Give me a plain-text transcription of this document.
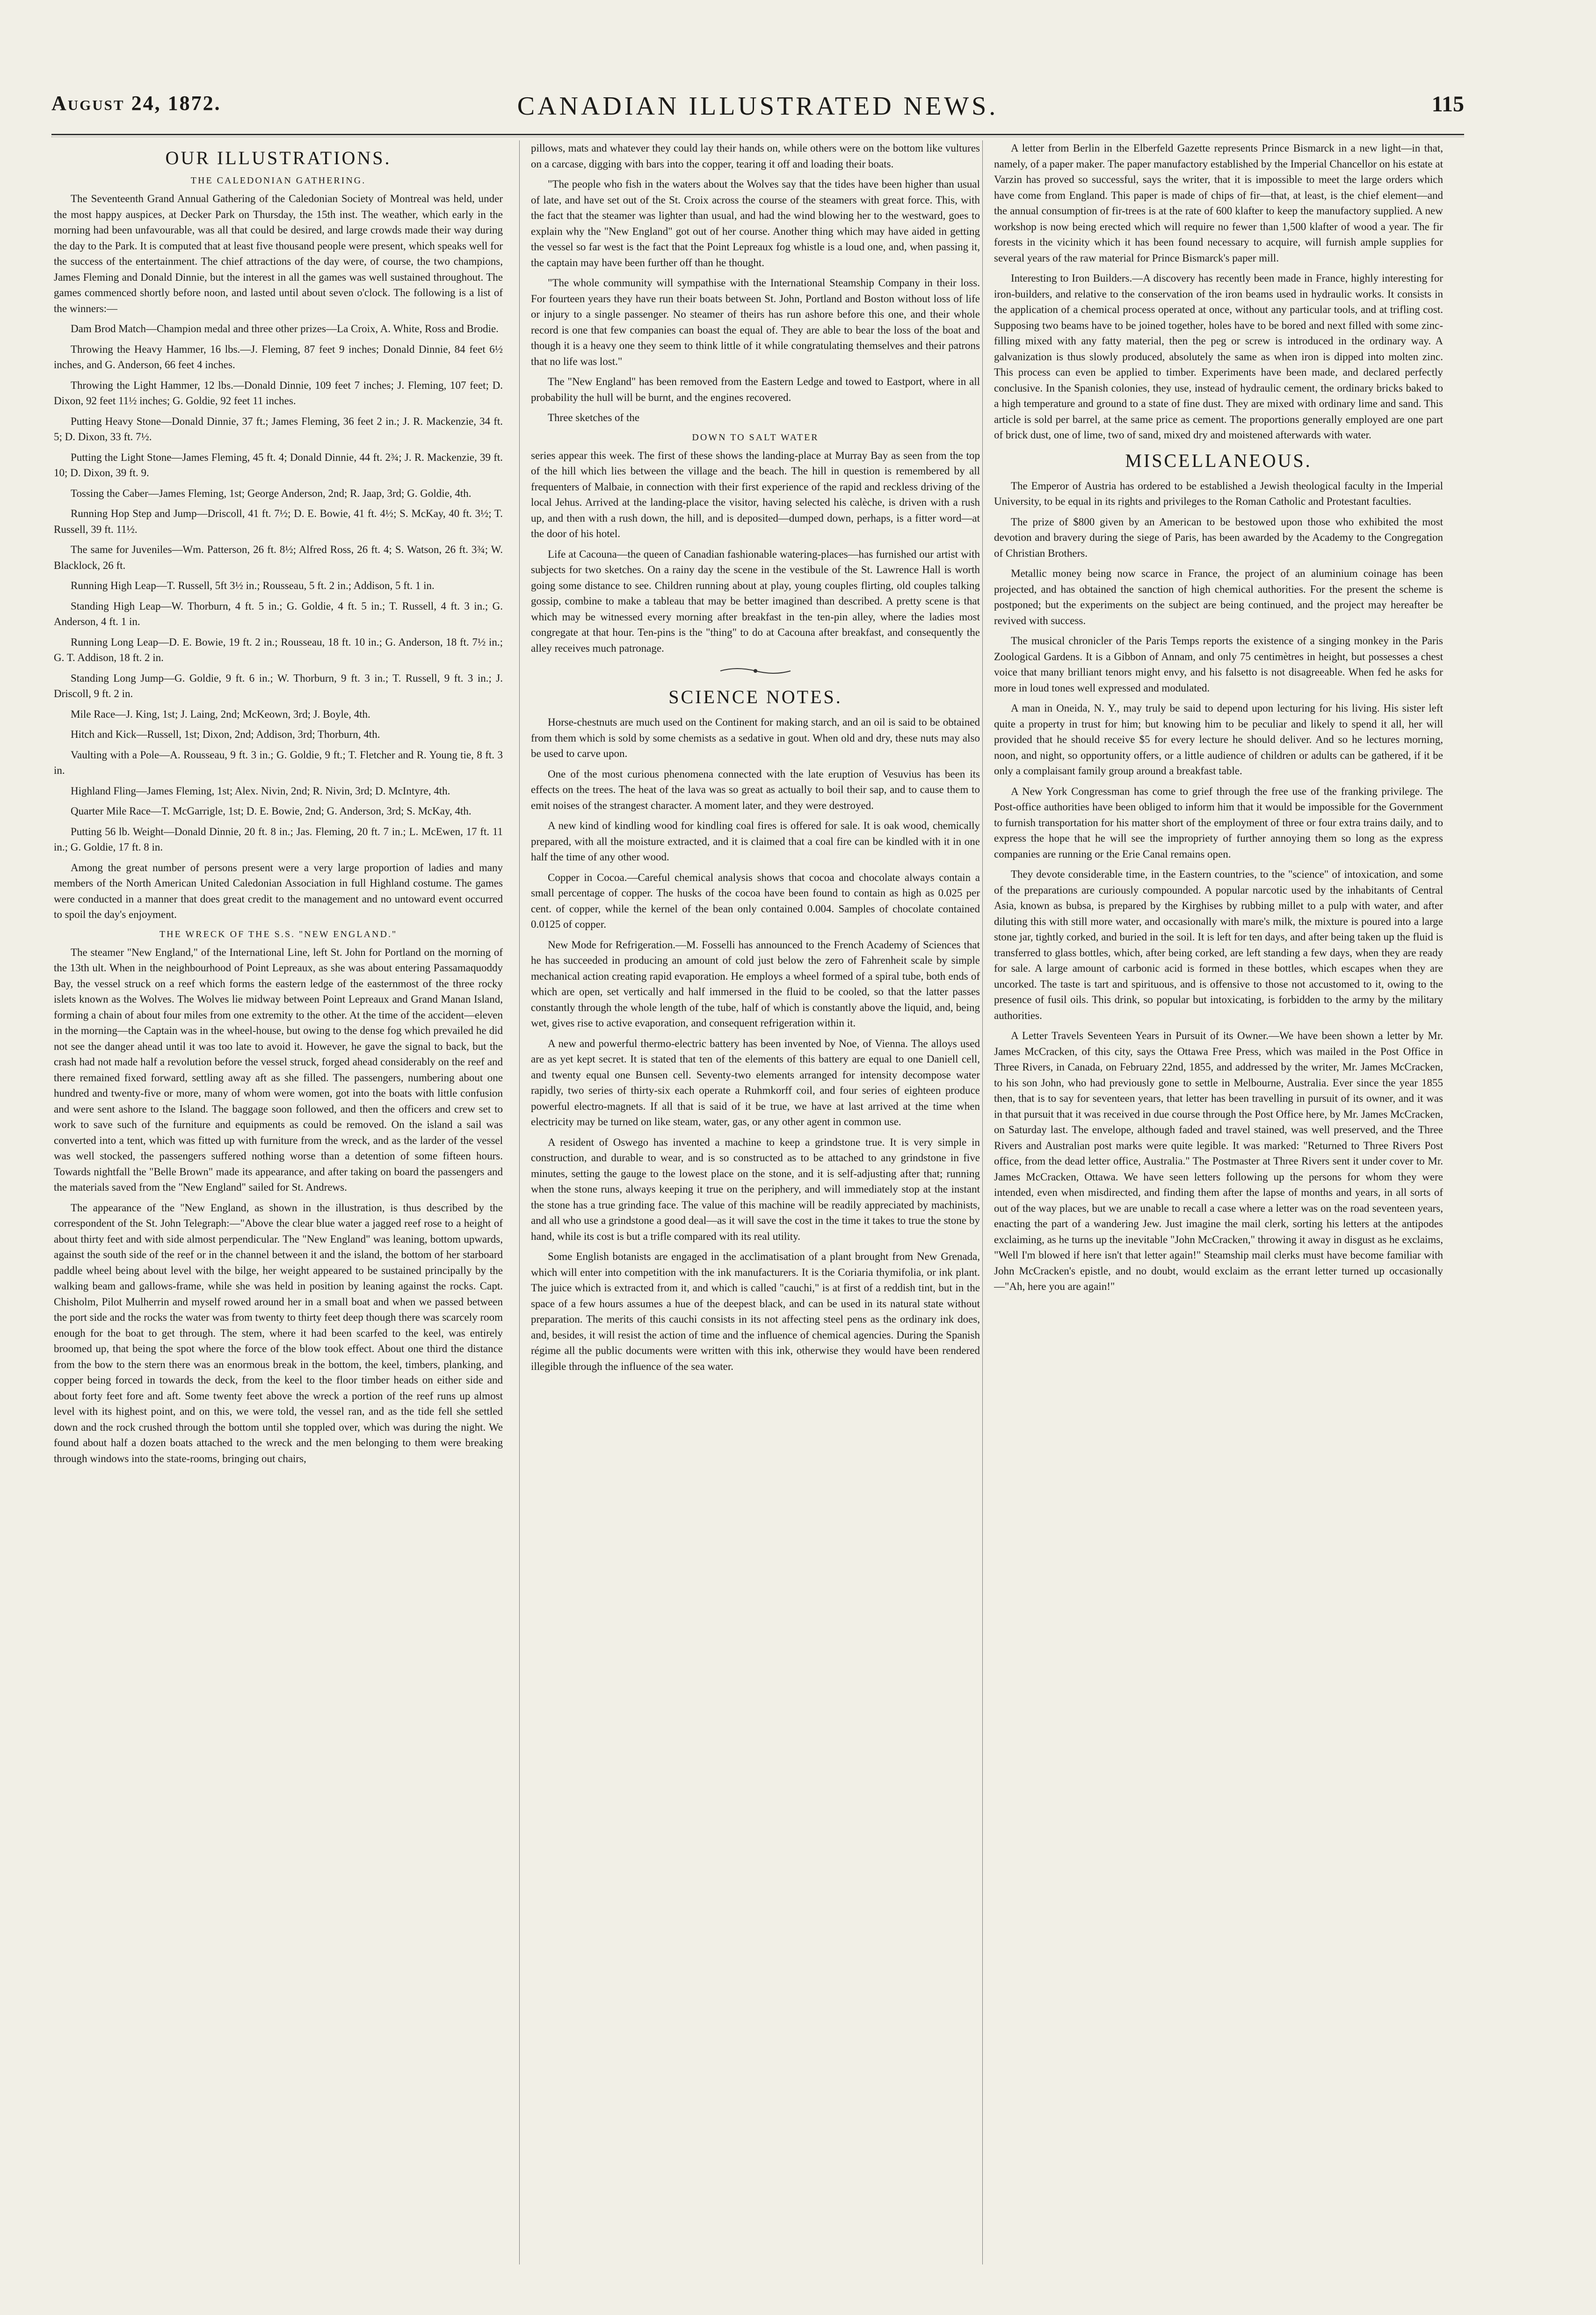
August 24, 1872.	CANADIAN ILLUSTRATED NEWS.	115
OUR ILLUSTRATIONS.
THE CALEDONIAN GATHERING.

The Seventeenth Grand Annual Gathering of the Caledonian Society of Montreal was held, under the most happy auspices, at Decker Park on Thursday, the 15th inst. The weather, which early in the morning had been unfavourable, was all that could be desired, and large crowds made their way during the day to the Park. It is computed that at least five thousand people were present, which speaks well for the success of the entertainment. The chief attractions of the day were, of course, the two champions, James Fleming and Donald Dinnie, but the interest in all the games was well sustained throughout. The games commenced shortly before noon, and lasted until about seven o'clock. The following is a list of the winners:—

Dam Brod Match—Champion medal and three other prizes—La Croix, A. White, Ross and Brodie.

Throwing the Heavy Hammer, 16 lbs.—J. Fleming, 87 feet 9 inches; Donald Dinnie, 84 feet 6½ inches, and G. Anderson, 66 feet 4 inches.

Throwing the Light Hammer, 12 lbs.—Donald Dinnie, 109 feet 7 inches; J. Fleming, 107 feet; D. Dixon, 92 feet 11½ inches; G. Goldie, 92 feet 11 inches.

Putting Heavy Stone—Donald Dinnie, 37 ft.; James Fleming, 36 feet 2 in.; J. R. Mackenzie, 34 ft. 5; D. Dixon, 33 ft. 7½.

Putting the Light Stone—James Fleming, 45 ft. 4; Donald Dinnie, 44 ft. 2¾; J. R. Mackenzie, 39 ft. 10; D. Dixon, 39 ft. 9.

Tossing the Caber—James Fleming, 1st; George Anderson, 2nd; R. Jaap, 3rd; G. Goldie, 4th.

Running Hop Step and Jump—Driscoll, 41 ft. 7½; D. E. Bowie, 41 ft. 4½; S. McKay, 40 ft. 3½; T. Russell, 39 ft. 11½.

The same for Juveniles—Wm. Patterson, 26 ft. 8½; Alfred Ross, 26 ft. 4; S. Watson, 26 ft. 3¾; W. Blacklock, 26 ft.

Running High Leap—T. Russell, 5ft 3½ in.; Rousseau, 5 ft. 2 in.; Addison, 5 ft. 1 in.

Standing High Leap—W. Thorburn, 4 ft. 5 in.; G. Goldie, 4 ft. 5 in.; T. Russell, 4 ft. 3 in.; G. Anderson, 4 ft. 1 in.

Running Long Leap—D. E. Bowie, 19 ft. 2 in.; Rousseau, 18 ft. 10 in.; G. Anderson, 18 ft. 7½ in.; G. T. Addison, 18 ft. 2 in.

Standing Long Jump—G. Goldie, 9 ft. 6 in.; W. Thorburn, 9 ft. 3 in.; T. Russell, 9 ft. 3 in.; J. Driscoll, 9 ft. 2 in.

Mile Race—J. King, 1st; J. Laing, 2nd; McKeown, 3rd; J. Boyle, 4th.

Hitch and Kick—Russell, 1st; Dixon, 2nd; Addison, 3rd; Thorburn, 4th.

Vaulting with a Pole—A. Rousseau, 9 ft. 3 in.; G. Goldie, 9 ft.; T. Fletcher and R. Young tie, 8 ft. 3 in.

Highland Fling—James Fleming, 1st; Alex. Nivin, 2nd; R. Nivin, 3rd; D. McIntyre, 4th.

Quarter Mile Race—T. McGarrigle, 1st; D. E. Bowie, 2nd; G. Anderson, 3rd; S. McKay, 4th.

Putting 56 lb. Weight—Donald Dinnie, 20 ft. 8 in.; Jas. Fleming, 20 ft. 7 in.; L. McEwen, 17 ft. 11 in.; G. Goldie, 17 ft. 8 in.

Among the great number of persons present were a very large proportion of ladies and many members of the North American United Caledonian Association in full Highland costume. The games were conducted in a manner that does great credit to the management and no untoward event occurred to spoil the day's enjoyment.

THE WRECK OF THE S.S. "NEW ENGLAND."

The steamer "New England," of the International Line, left St. John for Portland on the morning of the 13th ult. When in the neighbourhood of Point Lepreaux, as she was about entering Passamaquoddy Bay, the vessel struck on a reef which forms the eastern ledge of the easternmost of the three rocky islets known as the Wolves. The Wolves lie midway between Point Lepreaux and Grand Manan Island, forming a chain of about four miles from one extremity to the other. At the time of the accident—eleven in the morning—the Captain was in the wheel-house, but owing to the dense fog which prevailed he did not see the danger ahead until it was too late to avoid it. However, he gave the signal to back, but the crash had not made half a revolution before the vessel struck, forged ahead considerably on the reef and there remained fixed forward, settling away aft as she filled. The passengers, numbering about one hundred and twenty-five or more, many of whom were women, got into the boats with little confusion and were sent ashore to the Island. The baggage soon followed, and then the officers and crew set to work to save such of the furniture and equipments as could be removed. On the island a sail was converted into a tent, which was fitted up with furniture from the wreck, and as the larder of the vessel was well stocked, the passengers suffered nothing worse than a detention of some fifteen hours. Towards nightfall the "Belle Brown" made its appearance, and after taking on board the passengers and the materials saved from the "New England" sailed for St. Andrews.

The appearance of the "New England, as shown in the illustration, is thus described by the correspondent of the St. John Telegraph:—"Above the clear blue water a jagged reef rose to a height of about thirty feet and with side almost perpendicular. The "New England" was leaning, bottom upwards, against the south side of the reef or in the channel between it and the island, the bottom of her starboard paddle wheel being about level with the bilge, her weight appeared to be sustained principally by the walking beam and gallows-frame, while she was held in position by leaning against the rocks. Capt. Chisholm, Pilot Mulherrin and myself rowed around her in a small boat and when we passed between the port side and the rocks the water was from twenty to thirty feet deep though there was scarcely room enough for the boat to get through. The stem, where it had been scarfed to the keel, was entirely broomed up, that being the spot where the force of the blow took effect. About one third the distance from the bow to the stern there was an enormous break in the bottom, the keel, timbers, planking, and copper being forced in towards the deck, from the keel to the floor timber heads on either side and about forty feet fore and aft. Some twenty feet above the wreck a portion of the reef runs up almost level with its highest point, and on this, we were told, the vessel ran, and as the tide fell she settled down and the rock crushed through the bottom until she toppled over, which was during the night. We found about half a dozen boats attached to the wreck and the men belonging to them were breaking through windows into the state-rooms, bringing out chairs,

pillows, mats and whatever they could lay their hands on, while others were on the bottom like vultures on a carcase, digging with bars into the copper, tearing it off and loading their boats.

"The people who fish in the waters about the Wolves say that the tides have been higher than usual of late, and have set out of the St. Croix across the course of the steamers with great force. This, with the fact that the steamer was lighter than usual, and had the wind blowing her to the westward, goes to explain why the "New England" got out of her course. Another thing which may have aided in getting the vessel so far west is the fact that the Point Lepreaux fog whistle is a loud one, and, when passing it, the captain may have been further off than he thought.

"The whole community will sympathise with the International Steamship Company in their loss. For fourteen years they have run their boats between St. John, Portland and Boston without loss of life or injury to a single passenger. No steamer of theirs has run ashore before this one, and their whole record is one that few companies can boast the equal of. They are able to bear the loss of the boat and though it is a heavy one they seem to think little of it while congratulating themselves and their patrons that no life was lost."

The "New England" has been removed from the Eastern Ledge and towed to Eastport, where in all probability the hull will be burnt, and the engines recovered.

Three sketches of the

DOWN TO SALT WATER

series appear this week. The first of these shows the landing-place at Murray Bay as seen from the top of the hill which lies between the village and the beach. The hill in question is remembered by all frequenters of Malbaie, in connection with their first experience of the rapid and reckless driving of the local Jehus. Arrived at the landing-place the visitor, having selected his calèche, is driven with a rush up, and then with a rush down, the hill, and is deposited—dumped down, perhaps, is a fitter word—at the door of his hotel.

Life at Cacouna—the queen of Canadian fashionable watering-places—has furnished our artist with subjects for two sketches. On a rainy day the scene in the vestibule of the St. Lawrence Hall is worth going some distance to see. Children running about at play, young couples flirting, old couples talking gossip, combine to make a tableau that may be better imagined than described. A pretty scene is that which may be witnessed every morning after breakfast in the ten-pin alley, where the ladies most congregate at that hour. Ten-pins is the "thing" to do at Cacouna after breakfast, and consequently the alley receives much patronage.

SCIENCE NOTES.

Horse-chestnuts are much used on the Continent for making starch, and an oil is said to be obtained from them which is sold by some chemists as a sedative in gout. When old and dry, these nuts may also be used to carve upon.

One of the most curious phenomena connected with the late eruption of Vesuvius has been its effects on the trees. The heat of the lava was so great as actually to boil their sap, and to cause them to emit noises of the strangest character. A moment later, and they were destroyed.

A new kind of kindling wood for kindling coal fires is offered for sale. It is oak wood, chemically prepared, with all the moisture extracted, and it is claimed that a coal fire can be kindled with it in one half the time of any other wood.

Copper in Cocoa.—Careful chemical analysis shows that cocoa and chocolate always contain a small percentage of copper. The husks of the cocoa have been found to contain as high as 0.025 per cent. of copper, while the kernel of the bean only contained 0.004. Samples of chocolate contained 0.0125 of copper.

New Mode for Refrigeration.—M. Fosselli has announced to the French Academy of Sciences that he has succeeded in producing an amount of cold just below the zero of Fahrenheit scale by simple mechanical action creating rapid evaporation. He employs a wheel formed of a spiral tube, both ends of which are open, set vertically and half immersed in the fluid to be cooled, so that the latter passes constantly through the whole length of the tube, half of which is constantly above the liquid, and, being wet, gives rise to active evaporation, and consequent refrigeration within it.

A new and powerful thermo-electric battery has been invented by Noe, of Vienna. The alloys used are as yet kept secret. It is stated that ten of the elements of this battery are equal to one Daniell cell, and twenty equal one Bunsen cell. Seventy-two elements arranged for intensity decompose water rapidly, two series of thirty-six each operate a Ruhmkorff coil, and four series of eighteen produce powerful electro-magnets. If all that is said of it be true, we have at last arrived at the time when electricity may be turned on like steam, water, gas, or any other agent in common use.

A resident of Oswego has invented a machine to keep a grindstone true. It is very simple in construction, and durable to wear, and is so constructed as to be attached to any grindstone in five minutes, setting the gauge to the lowest place on the stone, and it is self-adjusting after that; running when the stone runs, always keeping it true on the periphery, and will immediately stop at the instant the stone has a true grinding face. The value of this machine will be readily appreciated by machinists, and all who use a grindstone a good deal—as it will save the cost in the time it takes to true the stone by hand, while its cost is but a trifle compared with its real utility.

Some English botanists are engaged in the acclimatisation of a plant brought from New Grenada, which will enter into competition with the ink manufacturers. It is the Coriaria thymifolia, or ink plant. The juice which is extracted from it, and which is called "cauchi," is at first of a reddish tint, but in the space of a few hours assumes a hue of the deepest black, and can be used in its natural state without preparation. The merits of this cauchi consists in its not affecting steel pens as the ordinary ink does, and, besides, it will resist the action of time and the influence of chemical agencies. During the Spanish régime all the public documents were written with this ink, otherwise they would have been rendered illegible through the influence of the sea water.

A letter from Berlin in the Elberfeld Gazette represents Prince Bismarck in a new light—in that, namely, of a paper maker. The paper manufactory established by the Imperial Chancellor on his estate at Varzin has proved so successful, says the writer, that it is impossible to meet the large orders which have come from England. This paper is made of chips of fir—that, at least, is the chief element—and the annual consumption of fir-trees is at the rate of 600 klafter to keep the manufactory supplied. A new workshop is now being erected which will require no fewer than 1,500 klafter of wood a year. The fir forests in the vicinity which it has been found necessary to acquire, will furnish ample supplies for several years of the raw material for Prince Bismarck's paper mill.

Interesting to Iron Builders.—A discovery has recently been made in France, highly interesting for iron-builders, and relative to the conservation of the iron beams used in hydraulic works. It consists in the application of a chemical process operated at once, without any particular tools, and at trifling cost. Supposing two beams have to be joined together, holes have to be bored and next filled with some zinc-filling mixed with any fatty material, then the peg or screw is introduced in the ordinary way. A galvanization is thus slowly produced, absolutely the same as when iron is dipped into molten zinc. This process can even be applied to timber. Experiments have been made, and declared perfectly conclusive. In the Spanish colonies, they use, instead of hydraulic cement, the ordinary bricks baked to a high temperature and ground to a state of fine dust. They are mixed with ordinary lime and sand. This article is sold per barrel, at the same price as cement. The proportions generally employed are one part of brick dust, one of lime, two of sand, mixed dry and moistened afterwards with water.

MISCELLANEOUS.

The Emperor of Austria has ordered to be established a Jewish theological faculty in the Imperial University, to be equal in its rights and privileges to the Roman Catholic and Protestant faculties.

The prize of $800 given by an American to be bestowed upon those who exhibited the most devotion and bravery during the siege of Paris, has been awarded by the Academy to the Congregation of Christian Brothers.

Metallic money being now scarce in France, the project of an aluminium coinage has been projected, and has obtained the sanction of high chemical authorities. For the present the scheme is postponed; but the experiments on the subject are being continued, and the project may hereafter be revived with success.

The musical chronicler of the Paris Temps reports the existence of a singing monkey in the Paris Zoological Gardens. It is a Gibbon of Annam, and only 75 centimètres in height, but possesses a chest voice that many brilliant tenors might envy, and his falsetto is not disagreeable. When fed he asks for more in loud tones well expressed and modulated.

A man in Oneida, N. Y., may truly be said to depend upon lecturing for his living. His sister left quite a property in trust for him; but knowing him to be peculiar and likely to spend it all, her will provided that he should receive $5 for every lecture he should deliver. And so he lectures morning, noon, and night, so opportunity offers, or a little audience of children or adults can be gathered, if it be only a complaisant family group around a breakfast table.

A New York Congressman has come to grief through the free use of the franking privilege. The Post-office authorities have been obliged to inform him that it would be impossible for the Government to furnish transportation for his matter short of the employment of three or four extra trains daily, and to express the hope that he will see the impropriety of further annoying them so long as the express companies are running or the Erie Canal remains open.

They devote considerable time, in the Eastern countries, to the "science" of intoxication, and some of the preparations are curiously compounded. A popular narcotic used by the inhabitants of Central Asia, known as bubsa, is prepared by the Kirghises by rubbing millet to a pulp with water, and after diluting this with still more water, and occasionally with mare's milk, the mixture is poured into a large stone jar, tightly corked, and buried in the soil. It is left for ten days, and after being taken up the fluid is transferred to glass bottles, which, after being corked, are left standing a few days, when they are ready for sale. A large amount of carbonic acid is formed in these bottles, which escapes when they are uncorked. The taste is tart and spirituous, and is offensive to those not accustomed to it, owing to the presence of fusil oils. This drink, so popular but intoxicating, is forbidden to the army by the military authorities.

A Letter Travels Seventeen Years in Pursuit of its Owner.—We have been shown a letter by Mr. James McCracken, of this city, says the Ottawa Free Press, which was mailed in the Post Office in Three Rivers, in Canada, on February 22nd, 1855, and addressed by the writer, Mr. James McCracken, to his son John, who had previously gone to settle in Melbourne, Australia. Ever since the year 1855 then, that is to say for seventeen years, that letter has been travelling in pursuit of its owner, and it was in that pursuit that it was received in due course through the Post Office here, by Mr. James McCracken, on Saturday last. The envelope, although faded and travel stained, was well preserved, and the Three Rivers and Australian post marks were quite legible. It was marked: "Returned to Three Rivers Post office, from the dead letter office, Australia." The Postmaster at Three Rivers sent it under cover to Mr. James McCracken, Ottawa. We have seen letters following up the persons for whom they were intended, even when misdirected, and finding them after the lapse of months and years, in all sorts of out of the way places, but we are unable to recall a case where a letter was on the road seventeen years, enacting the part of a wandering Jew. Just imagine the mail clerk, sorting his letters at the antipodes exclaiming, as he turns up the inevitable "John McCracken," throwing it away in disgust as he exclaims, "Well I'm blowed if here isn't that letter again!" Steamship mail clerks must have become familiar with John McCracken's epistle, and no doubt, would exclaim as the errant letter turned up occasionally—"Ah, here you are again!"
